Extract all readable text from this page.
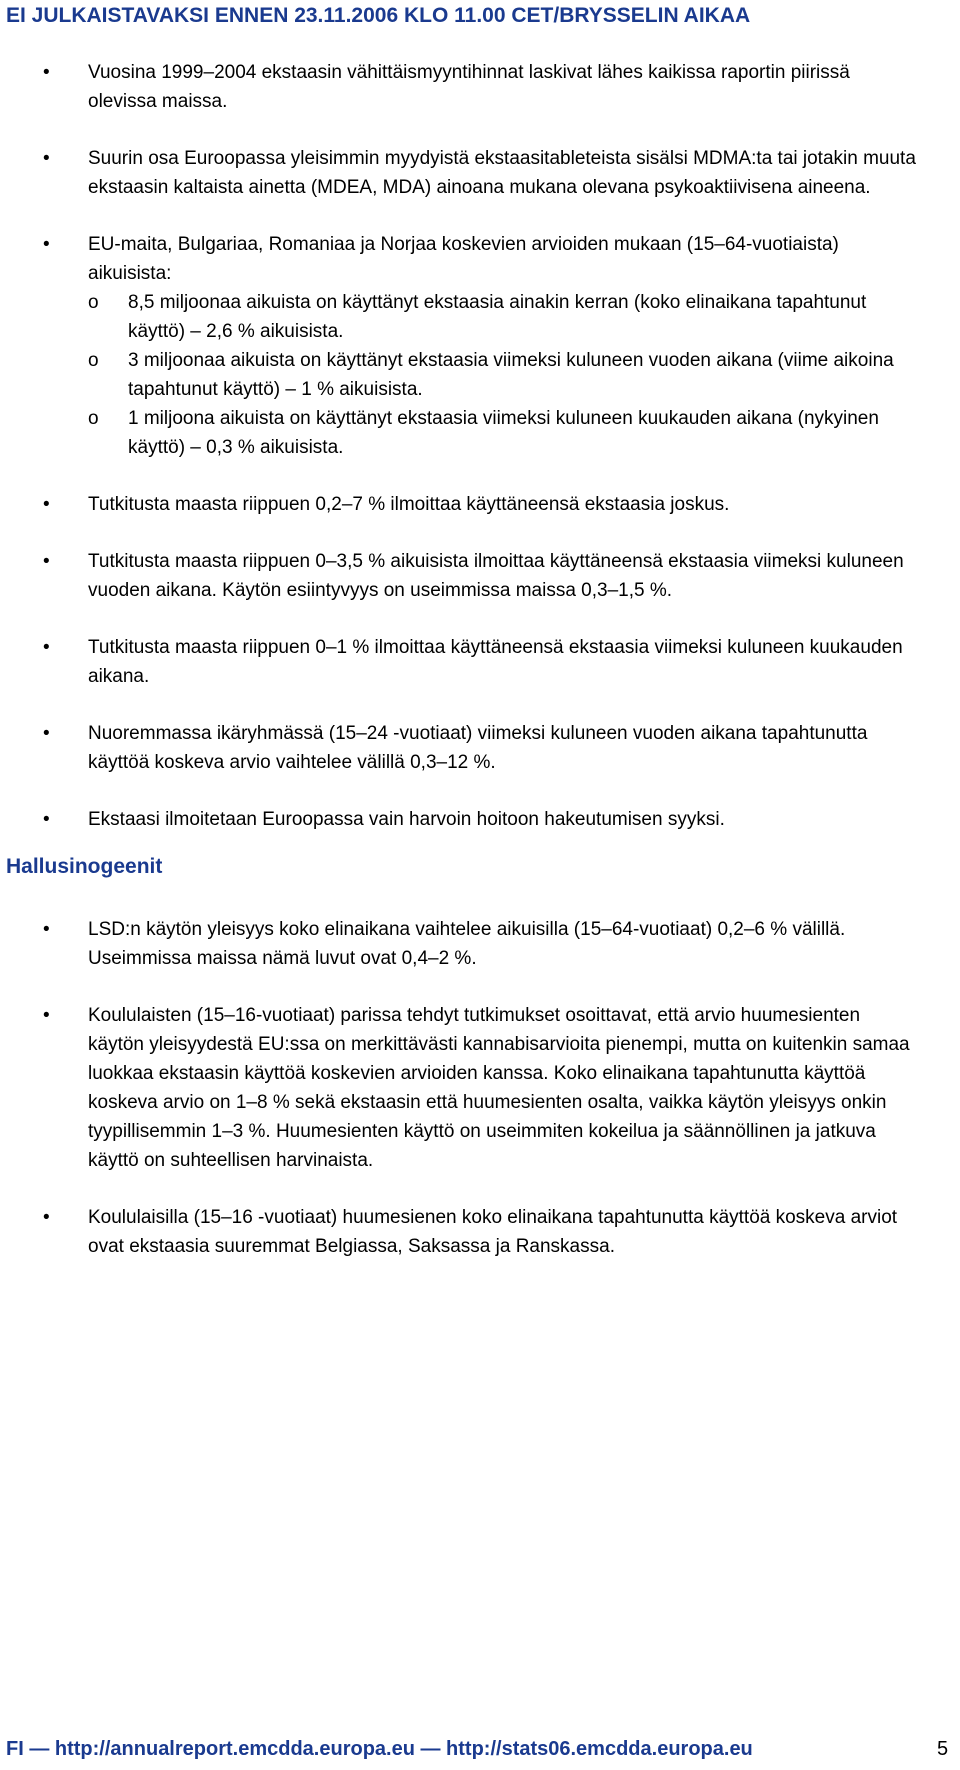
EI JULKAISTAVAKSI ENNEN 23.11.2006 KLO 11.00 CET/BRYSSELIN AIKAA
• Vuosina 1999–2004 ekstaasin vähittäismyyntihinnat laskivat lähes kaikissa raportin piirissä olevissa maissa.
• Suurin osa Euroopassa yleisimmin myydyistä ekstaasitableteista sisälsi MDMA:ta tai jotakin muuta ekstaasin kaltaista ainetta (MDEA, MDA) ainoana mukana olevana psykoaktiivisena aineena.
• EU-maita, Bulgariaa, Romaniaa ja Norjaa koskevien arvioiden mukaan (15–64-vuotiaista) aikuisista:
o 8,5 miljoonaa aikuista on käyttänyt ekstaasia ainakin kerran (koko elinaikana tapahtunut käyttö) – 2,6 % aikuisista.
o 3 miljoonaa aikuista on käyttänyt ekstaasia viimeksi kuluneen vuoden aikana (viime aikoina tapahtunut käyttö) – 1 % aikuisista.
o 1 miljoona aikuista on käyttänyt ekstaasia viimeksi kuluneen kuukauden aikana (nykyinen käyttö) – 0,3 % aikuisista.
• Tutkitusta maasta riippuen 0,2–7 % ilmoittaa käyttäneensä ekstaasia joskus.
• Tutkitusta maasta riippuen 0–3,5 % aikuisista ilmoittaa käyttäneensä ekstaasia viimeksi kuluneen vuoden aikana. Käytön esiintyvyys on useimmissa maissa 0,3–1,5 %.
• Tutkitusta maasta riippuen 0–1 % ilmoittaa käyttäneensä ekstaasia viimeksi kuluneen kuukauden aikana.
• Nuoremmassa ikäryhmässä (15–24 -vuotiaat) viimeksi kuluneen vuoden aikana tapahtunutta käyttöä koskeva arvio vaihtelee välillä 0,3–12 %.
• Ekstaasi ilmoitetaan Euroopassa vain harvoin hoitoon hakeutumisen syyksi.
Hallusinogeenit
• LSD:n käytön yleisyys koko elinaikana vaihtelee aikuisilla (15–64-vuotiaat) 0,2–6 % välillä. Useimmissa maissa nämä luvut ovat 0,4–2 %.
• Koululaisten (15–16-vuotiaat) parissa tehdyt tutkimukset osoittavat, että arvio huumesienten käytön yleisyydestä EU:ssa on merkittävästi kannabisarvioita pienempi, mutta on kuitenkin samaa luokkaa ekstaasin käyttöä koskevien arvioiden kanssa. Koko elinaikana tapahtunutta käyttöä koskeva arvio on 1–8 % sekä ekstaasin että huumesienten osalta, vaikka käytön yleisyys onkin tyypillisemmin 1–3 %. Huumesienten käyttö on useimmiten kokeilua ja säännöllinen ja jatkuva käyttö on suhteellisen harvinaista.
• Koululaisilla (15–16 -vuotiaat) huumesienen koko elinaikana tapahtunutta käyttöä koskeva arviot ovat ekstaasia suuremmat Belgiassa, Saksassa ja Ranskassa.
FI — http://annualreport.emcdda.europa.eu — http://stats06.emcdda.europa.eu	5
